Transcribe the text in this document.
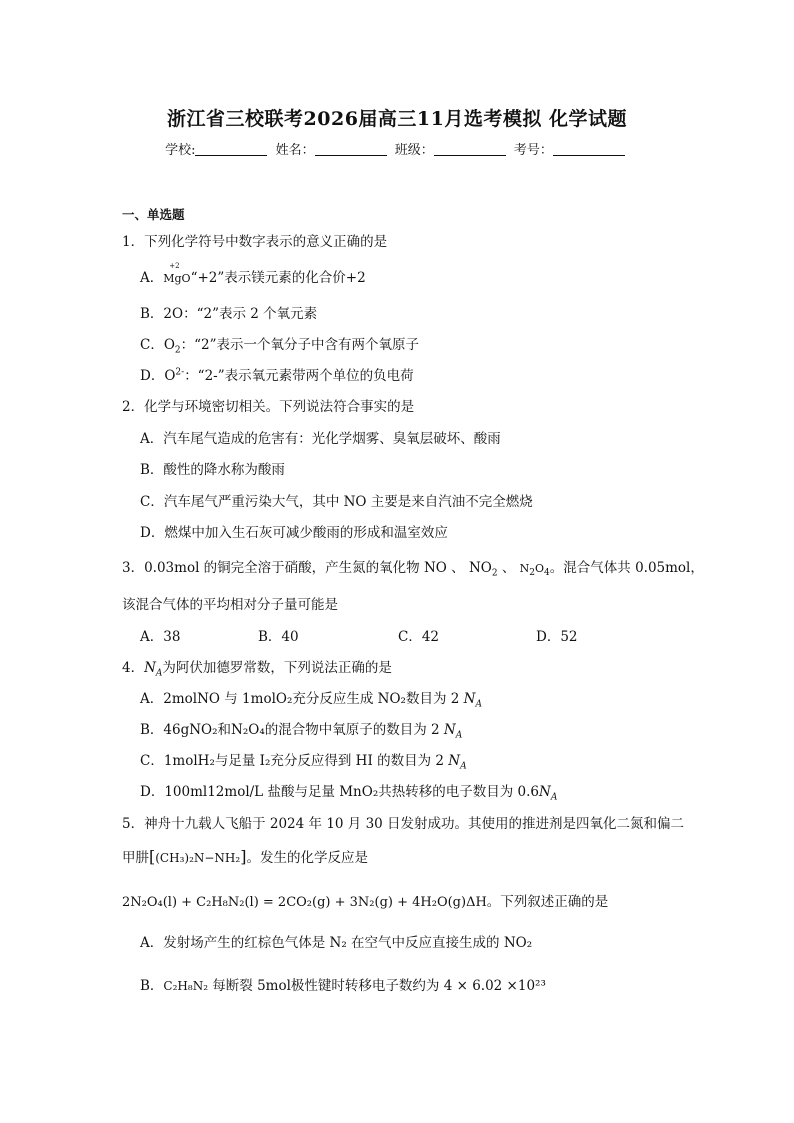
浙江省三校联考2026届高三11月选考模拟 化学试题
学校:	姓名：	班级：	考号：
一、单选题
1．下列化学符号中数字表示的意义正确的是
A．
+2
MgO“+2”表示镁元素的化合价+2
B．2O：“2”表示 2 个氧元素
C．$O_2$：“2”表示一个氧分子中含有两个氧原子
D．$O^{2-}$：“2-”表示氧元素带两个单位的负电荷
2．化学与环境密切相关。下列说法符合事实的是
A．汽车尾气造成的危害有：光化学烟雾、臭氧层破坏、酸雨
B．酸性的降水称为酸雨
C．汽车尾气严重污染大气，其中 NO 主要是来自汽油不完全燃烧
D．燃煤中加入生石灰可减少酸雨的形成和温室效应
3．0.03mol 的铜完全溶于硝酸，产生氮的氧化物 NO 、 $NO_2$ 、 $N_2O_4$。混合气体共 0.05mol，
该混合气体的平均相对分子量可能是
A．38	B．40	C．42	D．52
4．$N_A$为阿伏加德罗常数，下列说法正确的是
A．2molNO 与 1molO₂充分反应生成 NO₂数目为 2 $N_A$
B．46gNO₂和N₂O₄的混合物中氧原子的数目为 2 $N_A$
C．1molH₂与足量 I₂充分反应得到 HI 的数目为 2 $N_A$
D．100ml12mol/L 盐酸与足量 MnO₂共热转移的电子数目为 $0.6N_A$
5．神舟十九载人飞船于 2024 年 10 月 30 日发射成功。其使用的推进剂是四氧化二氮和偏二
甲肼[(CH₃)₂N−NH₂]。发生的化学反应是
2N₂O₄(l) + C₂H₈N₂(l) = 2CO₂(g) + 3N₂(g) + 4H₂O(g)ΔH。下列叙述正确的是
A．发射场产生的红棕色气体是 N₂ 在空气中反应直接生成的 NO₂
B．C₂H₈N₂ 每断裂 5mol极性键时转移电子数约为 4 × 6.02 ×10²³
